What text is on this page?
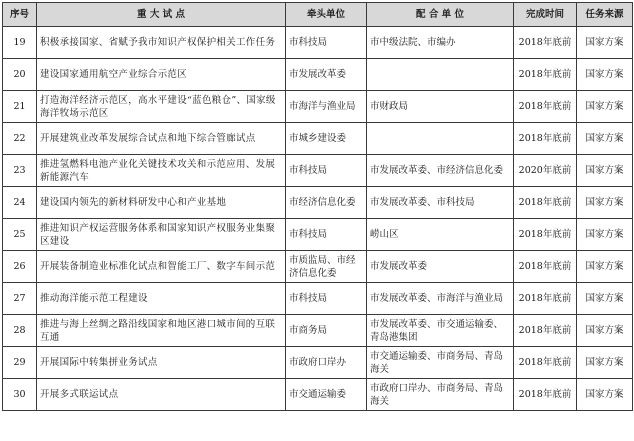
序号	重 大 试 点	牵头单位	配 合 单 位	完成时间	任务来源
19	积极承接国家、省赋予我市知识产权保护相关工作任务	市科技局	市中级法院、市编办	2018年底前	国家方案
20	建设国家通用航空产业综合示范区	市发展改革委		2018年底前	国家方案
21	打造海洋经济示范区，高水平建设“蓝色粮仓”、国家级海洋牧场示范区	市海洋与渔业局	市财政局	2018年底前	国家方案
22	开展建筑业改革发展综合试点和地下综合管廊试点	市城乡建设委		2018年底前	国家方案
23	推进氢燃料电池产业化关键技术攻关和示范应用、发展新能源汽车	市科技局	市发展改革委、市经济信息化委	2020年底前	国家方案
24	建设国内领先的新材料研发中心和产业基地	市经济信息化委	市发展改革委、市科技局	2018年底前	国家方案
25	推进知识产权运营服务体系和国家知识产权服务业集聚区建设	市科技局	崂山区	2018年底前	国家方案
26	开展装备制造业标准化试点和智能工厂、数字车间示范	市质监局、市经济信息化委	市发展改革委	2018年底前	国家方案
27	推动海洋能示范工程建设	市科技局	市发展改革委、市海洋与渔业局	2018年底前	国家方案
28	推进与海上丝绸之路沿线国家和地区港口城市间的互联互通	市商务局	市发展改革委、市交通运输委、青岛港集团	2018年底前	国家方案
29	开展国际中转集拼业务试点	市政府口岸办	市交通运输委、市商务局、青岛海关	2018年底前	国家方案
30	开展多式联运试点	市交通运输委	市政府口岸办、市商务局、青岛海关	2018年底前	国家方案
